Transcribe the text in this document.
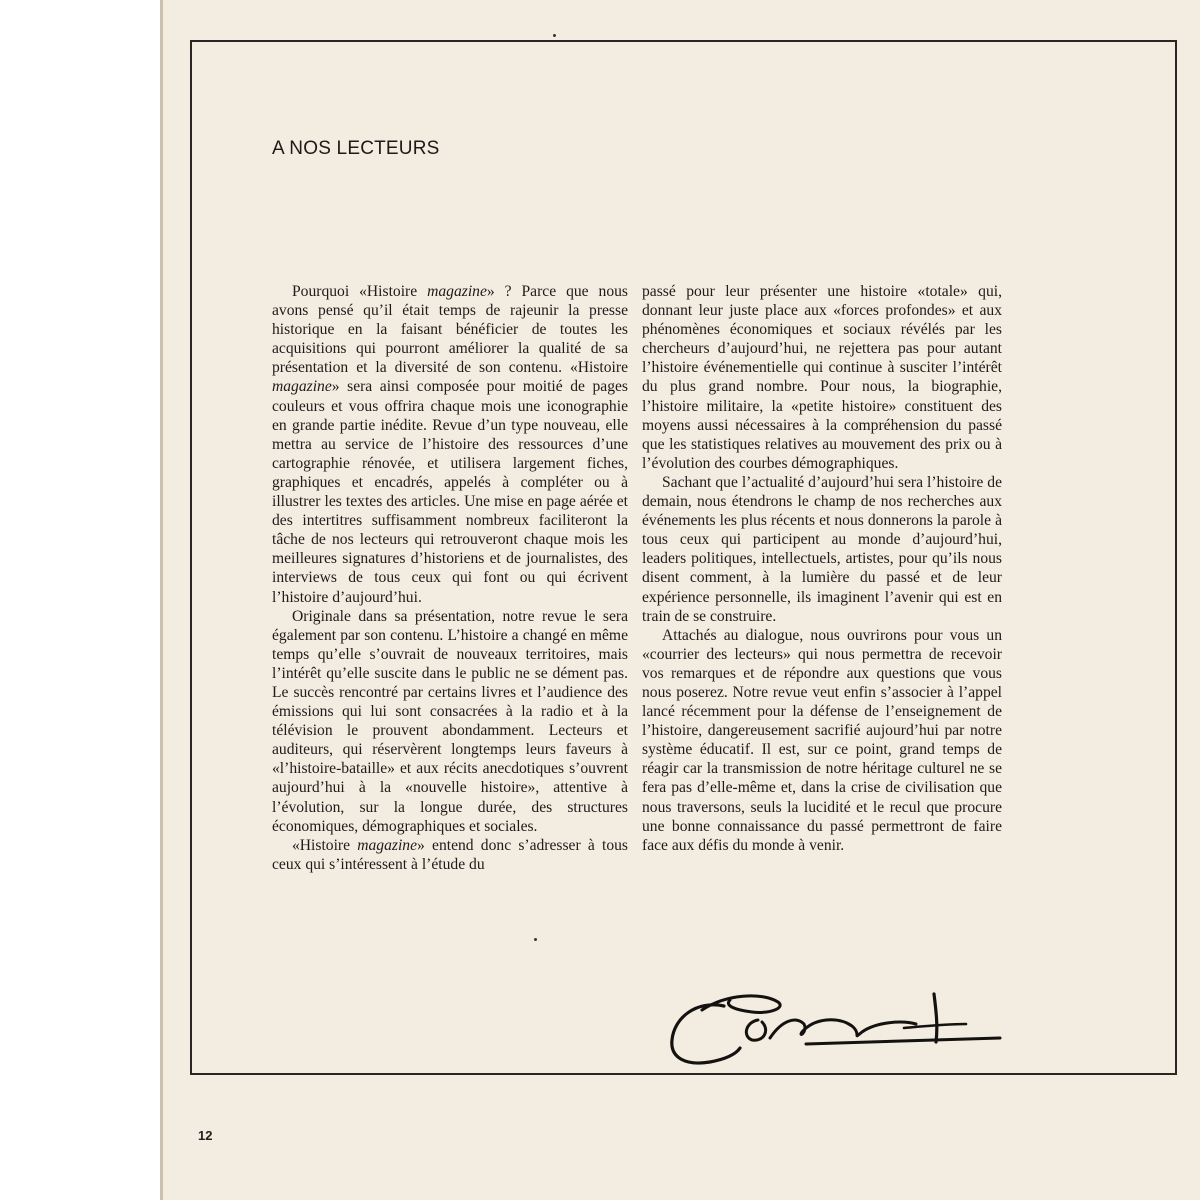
A NOS LECTEURS

Pourquoi «Histoire magazine» ? Parce que nous avons pensé qu’il était temps de rajeunir la presse historique en la faisant bénéficier de toutes les acquisitions qui pourront améliorer la qualité de sa présentation et la diversité de son contenu. «Histoire magazine» sera ainsi composée pour moitié de pages couleurs et vous offrira chaque mois une iconographie en grande partie inédite. Revue d’un type nouveau, elle mettra au service de l’histoire des ressources d’une cartographie rénovée, et utilisera largement fiches, graphiques et encadrés, appelés à compléter ou à illustrer les textes des articles. Une mise en page aérée et des intertitres suffisamment nombreux faciliteront la tâche de nos lecteurs qui retrouveront chaque mois les meilleures signatures d’historiens et de journalistes, des interviews de tous ceux qui font ou qui écrivent l’histoire d’aujourd’hui.

Originale dans sa présentation, notre revue le sera également par son contenu. L’histoire a changé en même temps qu’elle s’ouvrait de nouveaux territoires, mais l’intérêt qu’elle suscite dans le public ne se dément pas. Le succès rencontré par certains livres et l’audience des émissions qui lui sont consacrées à la radio et à la télévision le prouvent abondamment. Lecteurs et auditeurs, qui réservèrent longtemps leurs faveurs à «l’histoire-bataille» et aux récits anecdotiques s’ouvrent aujourd’hui à la «nouvelle histoire», attentive à l’évolution, sur la longue durée, des structures économiques, démographiques et sociales.

«Histoire magazine» entend donc s’adresser à tous ceux qui s’intéressent à l’étude du

passé pour leur présenter une histoire «totale» qui, donnant leur juste place aux «forces profondes» et aux phénomènes économiques et sociaux révélés par les chercheurs d’aujourd’hui, ne rejettera pas pour autant l’histoire événementielle qui continue à susciter l’intérêt du plus grand nombre. Pour nous, la biographie, l’histoire militaire, la «petite histoire» constituent des moyens aussi nécessaires à la compréhension du passé que les statistiques relatives au mouvement des prix ou à l’évolution des courbes démographiques.

Sachant que l’actualité d’aujourd’hui sera l’histoire de demain, nous étendrons le champ de nos recherches aux événements les plus récents et nous donnerons la parole à tous ceux qui participent au monde d’aujourd’hui, leaders politiques, intellectuels, artistes, pour qu’ils nous disent comment, à la lumière du passé et de leur expérience personnelle, ils imaginent l’avenir qui est en train de se construire.

Attachés au dialogue, nous ouvrirons pour vous un «courrier des lecteurs» qui nous permettra de recevoir vos remarques et de répondre aux questions que vous nous poserez. Notre revue veut enfin s’associer à l’appel lancé récemment pour la défense de l’enseignement de l’histoire, dangereusement sacrifié aujourd’hui par notre système éducatif. Il est, sur ce point, grand temps de réagir car la transmission de notre héritage culturel ne se fera pas d’elle-même et, dans la crise de civilisation que nous traversons, seuls la lucidité et le recul que procure une bonne connaissance du passé permettront de faire face aux défis du monde à venir.

12
